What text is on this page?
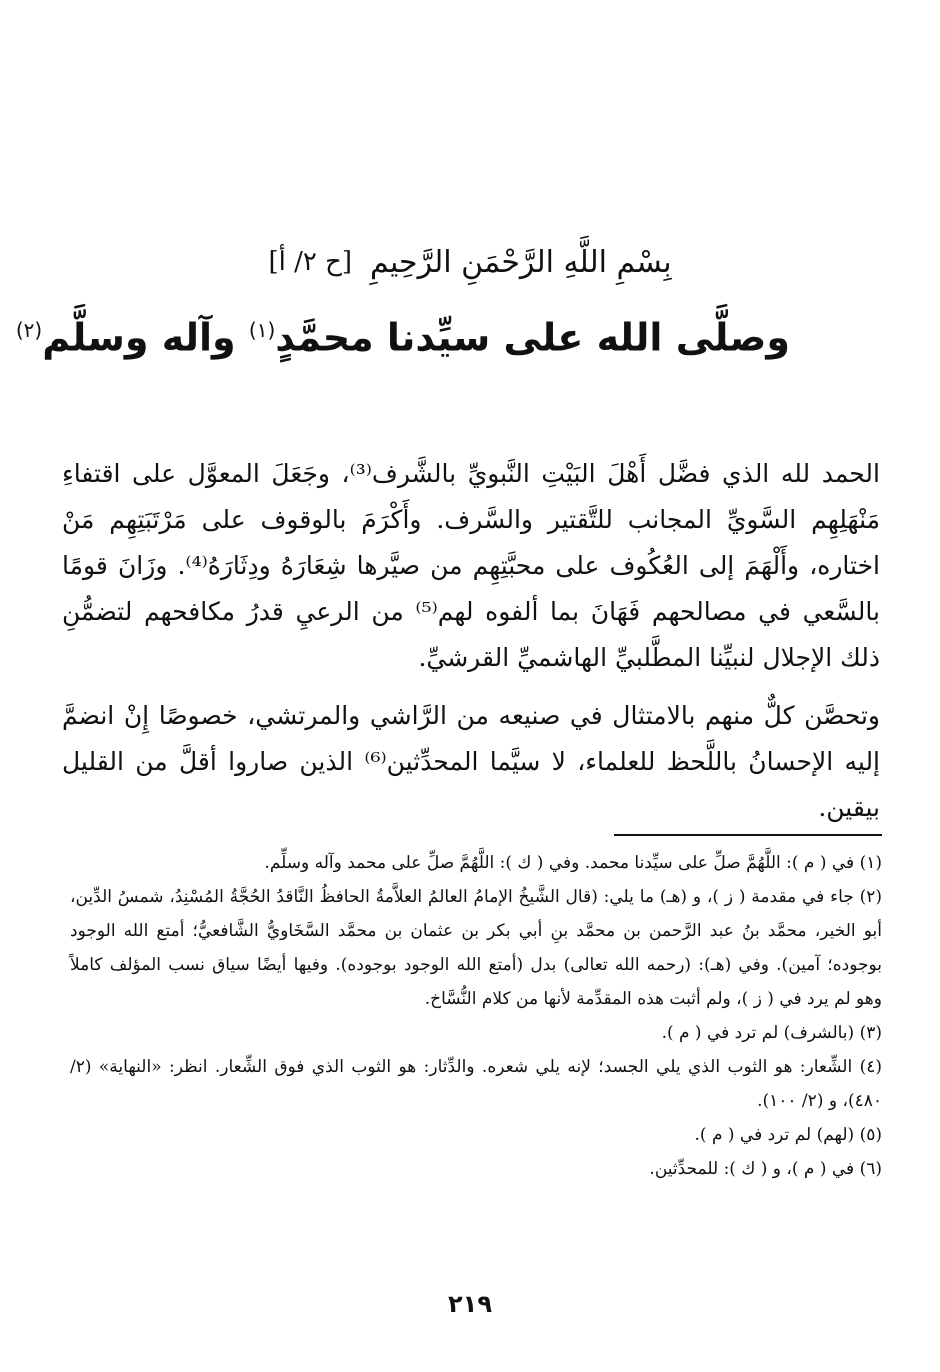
[ح ٢/ أ] بِسْمِ اللَّهِ الرَّحْمَنِ الرَّحِيمِ
وصلَّى الله على سيِّدنا محمَّدٍ$^{(١)}$ وآله وسلَّم$^{(٢)}$

الحمد لله الذي فضَّل أَهْلَ البَيْتِ النَّبويِّ بالشَّرف⁽³⁾، وجَعَلَ المعوَّل على اقتفاءِ مَنْهَلِهِم السَّويِّ المجانب للتَّقتير والسَّرف. وأَكْرَمَ بالوقوف على مَرْتَبَتِهِم مَنْ اختاره، وأَلْهَمَ إلى العُكُوف على محبَّتِهِم من صيَّرها شِعَارَهُ ودِثَارَهُ⁽⁴⁾. وزَانَ قومًا بالسَّعي في مصالحهم فَهَانَ بما ألفوه لهم⁽⁵⁾ من الرعيِ قدرُ مكافحهم لتضمُّنِ ذلك الإجلال لنبيِّنا المطَّلبيِّ الهاشميِّ القرشيِّ.

وتحصَّن كلٌّ منهم بالامتثال في صنيعه من الرَّاشي والمرتشي، خصوصًا إِنْ انضمَّ إليه الإحسانُ باللَّحظ للعلماء، لا سيَّما المحدِّثين⁽⁶⁾ الذين صاروا أقلَّ من القليل بيقين.

(١) في ( م ): اللَّهُمَّ صلِّ على سيِّدنا محمد. وفي ( ك ): اللَّهُمَّ صلِّ على محمد وآله وسلِّم.

(٢) جاء في مقدمة ( ز )، و (هـ) ما يلي: (قال الشَّيخُ الإمامُ العالمُ العلاَّمةُ الحافظُ النَّاقدُ الحُجَّةُ المُسْنِدُ، شمسُ الدِّين، أبو الخير، محمَّد بنُ عبد الرَّحمن بن محمَّد بنِ أبي بكر بن عثمان بن محمَّد السَّخَاويُّ الشَّافعيُّ؛ أمتع الله الوجود بوجوده؛ آمين). وفي (هـ): (رحمه الله تعالى) بدل (أمتع الله الوجود بوجوده). وفيها أيضًا سياق نسب المؤلف كاملاً وهو لم يرد في ( ز )، ولم أثبت هذه المقدِّمة لأنها من كلام النُّسَّاخ.

(٣) (بالشرف) لم ترد في ( م ).

(٤) الشِّعار: هو الثوب الذي يلي الجسد؛ لإنه يلي شعره. والدِّثار: هو الثوب الذي فوق الشِّعار. انظر: «النهاية» (٢/ ٤٨٠)، و (٢/ ١٠٠).

(٥) (لهم) لم ترد في ( م ).

(٦) في ( م )، و ( ك ): للمحدِّثين.

٢١٩
